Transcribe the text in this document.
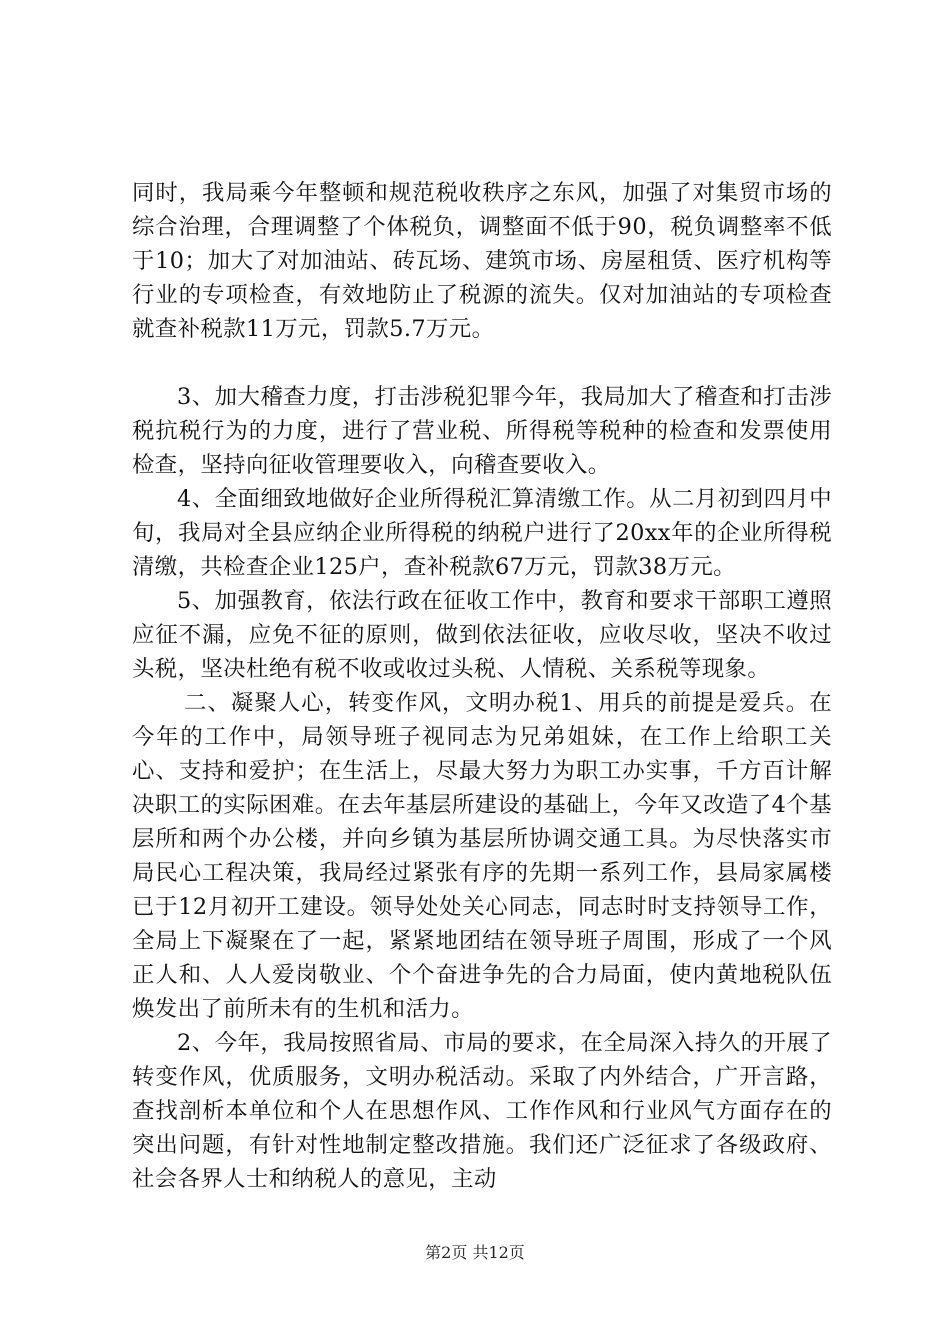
同时，我局乘今年整顿和规范税收秩序之东风，加强了对集贸市场的综合治理，合理调整了个体税负，调整面不低于90，税负调整率不低于10；加大了对加油站、砖瓦场、建筑市场、房屋租赁、医疗机构等行业的专项检查，有效地防止了税源的流失。仅对加油站的专项检查就查补税款11万元，罚款5.7万元。

3、加大稽查力度，打击涉税犯罪今年，我局加大了稽查和打击涉税抗税行为的力度，进行了营业税、所得税等税种的检查和发票使用检查，坚持向征收管理要收入，向稽查要收入。

4、全面细致地做好企业所得税汇算清缴工作。从二月初到四月中旬，我局对全县应纳企业所得税的纳税户进行了20xx年的企业所得税清缴，共检查企业125户，查补税款67万元，罚款38万元。

5、加强教育，依法行政在征收工作中，教育和要求干部职工遵照应征不漏，应免不征的原则，做到依法征收，应收尽收，坚决不收过头税，坚决杜绝有税不收或收过头税、人情税、关系税等现象。

二、凝聚人心，转变作风，文明办税1、用兵的前提是爱兵。在今年的工作中，局领导班子视同志为兄弟姐妹，在工作上给职工关心、支持和爱护；在生活上，尽最大努力为职工办实事，千方百计解决职工的实际困难。在去年基层所建设的基础上，今年又改造了4个基层所和两个办公楼，并向乡镇为基层所协调交通工具。为尽快落实市局民心工程决策，我局经过紧张有序的先期一系列工作，县局家属楼已于12月初开工建设。领导处处关心同志，同志时时支持领导工作，全局上下凝聚在了一起，紧紧地团结在领导班子周围，形成了一个风正人和、人人爱岗敬业、个个奋进争先的合力局面，使内黄地税队伍焕发出了前所未有的生机和活力。

2、今年，我局按照省局、市局的要求，在全局深入持久的开展了转变作风，优质服务，文明办税活动。采取了内外结合，广开言路，查找剖析本单位和个人在思想作风、工作作风和行业风气方面存在的突出问题，有针对性地制定整改措施。我们还广泛征求了各级政府、社会各界人士和纳税人的意见，主动

第2页 共12页
